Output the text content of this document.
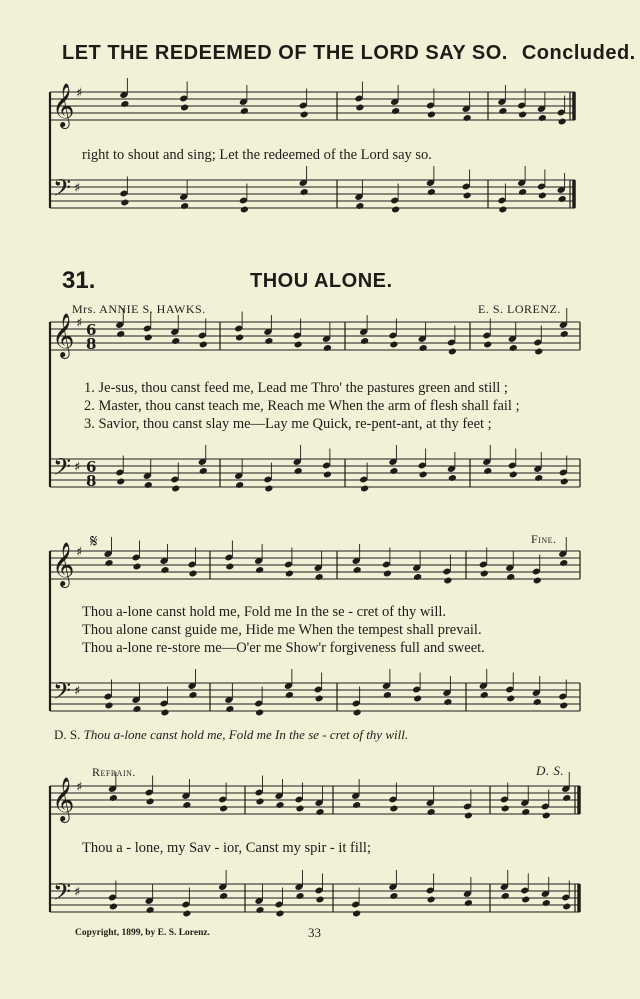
LET THE REDEEMED OF THE LORD SAY SO. Concluded.
right to shout and sing; Let the redeemed of the Lord say so.
31.	THOU ALONE.
Mrs. ANNIE S. HAWKS.	E. S. LORENZ.
1. Je-sus, thou canst feed me, Lead me Thro' the pastures green and still ;
2. Master, thou canst teach me, Reach me When the arm of flesh shall fail ;
3. Savior, thou canst slay me—Lay me Quick, re-pent-ant, at thy feet ;
Fine.
Thou a-lone canst hold me, Fold me In the se - cret of thy will.
Thou alone canst guide me, Hide me When the tempest shall prevail.
Thou a-lone re-store me—O'er me Show'r forgiveness full and sweet.
D. S. Thou a-lone canst hold me, Fold me In the se - cret of thy will.
Refrain.	D. S.
Thou a - lone, my Sav - ior, Canst my spir - it fill;
Copyright, 1899, by E. S. Lorenz.	33
𝄞
𝄢
♯
♯
𝄞
𝄢
♯
♯
6
8
6
8
𝄞
𝄢
♯
♯
𝄞
𝄢
♯
♯
𝄋
